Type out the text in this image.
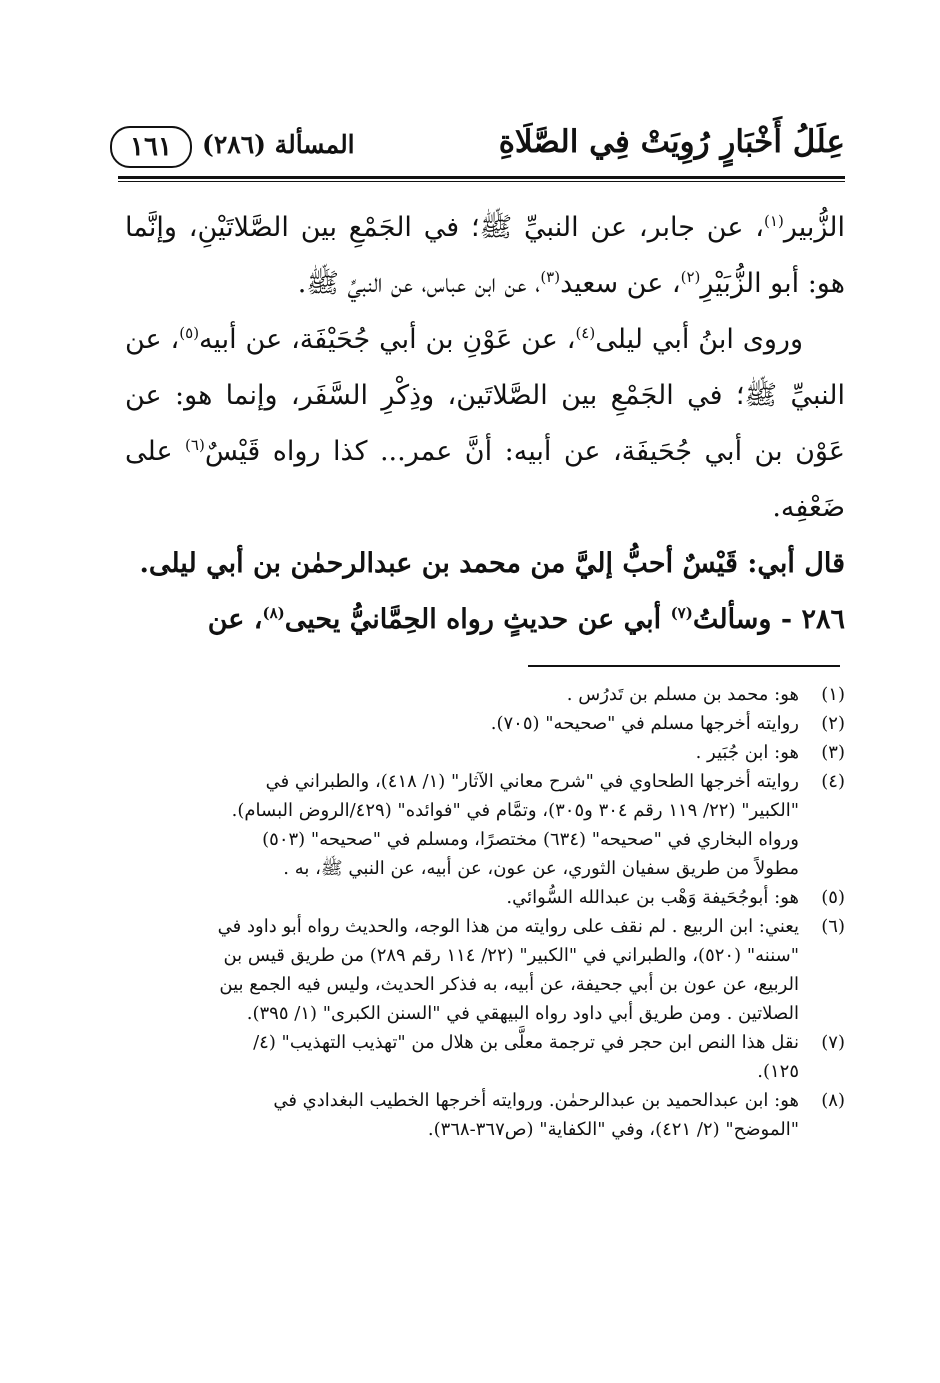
عِلَلُ أَخْبَارٍ رُوِيَتْ فِي الصَّلَاةِ
المسألة (٢٨٦)
١٦١

الزُّبير$^{(١)}$، عن جابر، عن النبيِّ ﷺ؛ في الجَمْعِ بين الصَّلاتَيْنِ، وإنَّما هو: أبو الزُّبَيْرِ$^{(٢)}$، عن سعيد$^{(٣)}$، عن ابن عباس، عن النبيِّ ﷺ.

وروى ابنُ أبي ليلى$^{(٤)}$، عن عَوْنِ بن أبي جُحَيْفَة، عن أبيه$^{(٥)}$، عن النبيِّ ﷺ؛ في الجَمْعِ بين الصَّلاتَين، وذِكْرِ السَّفَر، وإنما هو: عن عَوْن بن أبي جُحَيفَة، عن أبيه: أنَّ عمر... كذا رواه قَيْسٌ$^{(٦)}$ على ضَعْفِه.

قال أبي: قَيْسٌ أحبُّ إليَّ من محمد بن عبدالرحمٰن بن أبي ليلى.

٢٨٦ - وسألتُ$^{(٧)}$ أبي عن حديثٍ رواه الحِمَّانيُّ يحيى$^{(٨)}$، عن

(١)
هو: محمد بن مسلم بن تَدرُس .
(٢)
روايته أخرجها مسلم في "صحيحه" (٧٠٥).
(٣)
هو: ابن جُبَير .
(٤)
روايته أخرجها الطحاوي في "شرح معاني الآثار" (١/ ٤١٨)، والطبراني في
"الكبير" (٢٢/ ١١٩ رقم ٣٠٤ و٣٠٥)، وتمَّام في "فوائده" (٤٢٩/الروض البسام).
ورواه البخاري في "صحيحه" (٦٣٤) مختصرًا، ومسلم في "صحيحه" (٥٠٣)
مطولاً من طريق سفيان الثوري، عن عون، عن أبيه، عن النبي ﷺ، به .
(٥)
هو: أبوجُحَيفة وَهْب بن عبدالله السُّوائي.
(٦)
يعني: ابن الربيع . لم نقف على روايته من هذا الوجه، والحديث رواه أبو داود في
"سننه" (٥٢٠)، والطبراني في "الكبير" (٢٢/ ١١٤ رقم ٢٨٩) من طريق قيس بن
الربيع، عن عون بن أبي جحيفة، عن أبيه، به فذكر الحديث، وليس فيه الجمع بين
الصلاتين . ومن طريق أبي داود رواه البيهقي في "السنن الكبرى" (١/ ٣٩٥).
(٧)
نقل هذا النص ابن حجر في ترجمة معلَّى بن هلال من "تهذيب التهذيب" (٤/
١٢٥).
(٨)
هو: ابن عبدالحميد بن عبدالرحمٰن. وروايته أخرجها الخطيب البغدادي في
"الموضح" (٢/ ٤٢١)، وفي "الكفاية" (ص٣٦٧-٣٦٨).
